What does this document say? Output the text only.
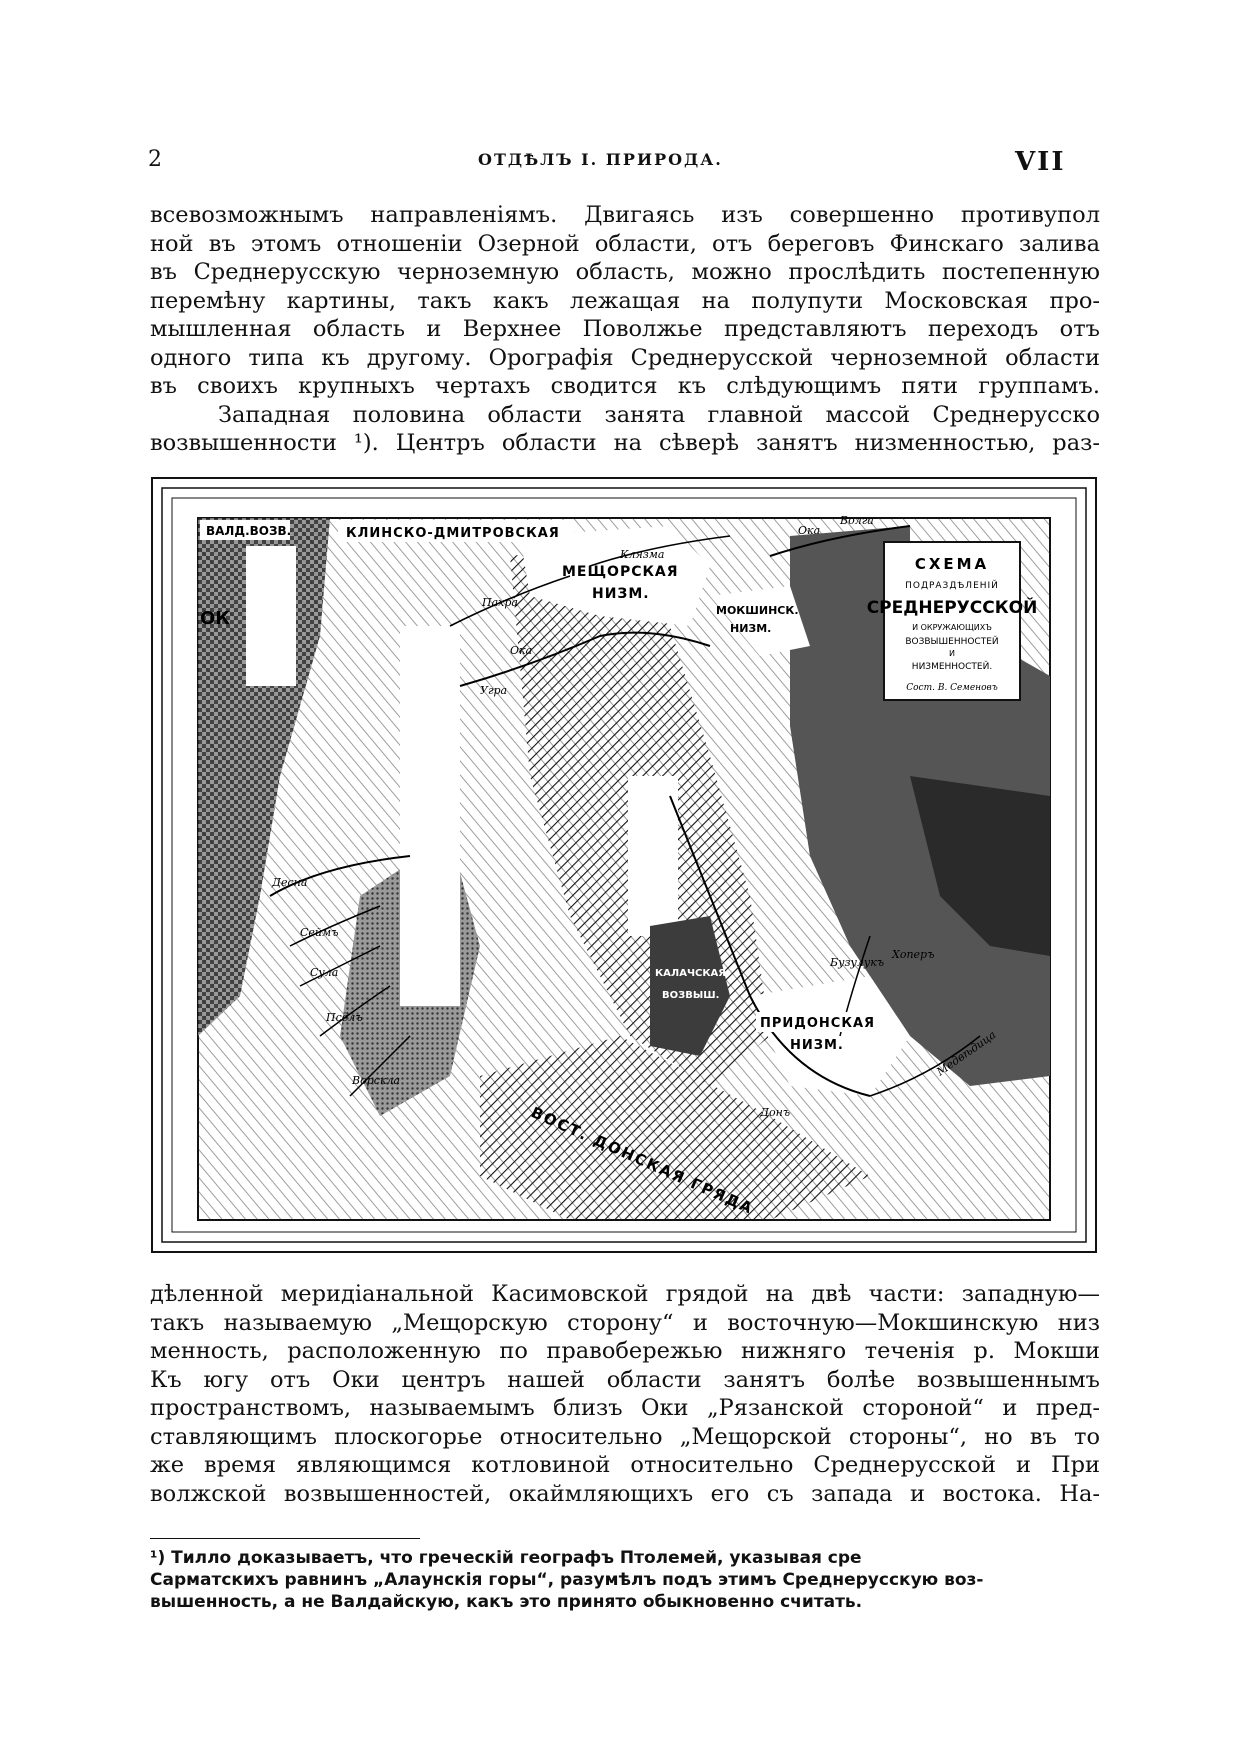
2	ОТДѢЛЪ I. ПРИРОДА.	VII
всевозможнымъ направленіямъ. Двигаясь изъ совершенно противупол
ной въ этомъ отношеніи Озерной области, отъ береговъ Финскаго залива
въ Среднерусскую черноземную область, можно прослѣдить постепенную
перемѣну картины, такъ какъ лежащая на полупути Московская про-
мышленная область и Верхнее Поволжье представляютъ переходъ отъ
одного типа къ другому. Орографія Среднерусской черноземной области
въ своихъ крупныхъ чертахъ сводится къ слѣдующимъ пяти группамъ.
Западная половина области занята главной массой Среднерусско
возвышенности ¹). Центръ области на сѣверѣ занятъ низменностью, раз-
СХЕМА
ПОДРАЗДѢЛЕНІЙ
СРЕДНЕРУССКОЙ
И ОКРУЖАЮЩИХЪ
ВОЗВЫШЕННОСТЕЙ
И
НИЗМЕННОСТЕЙ.
Сост. В. Семеновъ
ВАЛД.ВОЗВ.	КЛИНСКО-ДМИТРОВСКАЯ
МЕЩОРСКАЯ
НИЗМ.
МОКШИНСК.
НИЗМ.
ПРИДОНСКАЯ
НИЗМ.
КАЛАЧСКАЯ
ВОЗВЫШ.
ОК
ВОСТ. ДОНСКАЯ ГРЯДА
Волга
Ока
Клязма
Пахра
Ока
Угра
Донъ
Десна
Сеймъ
Сула
Псёлъ
Ворскла
Медвѣдица
Бузулукъ
Хоперъ
дѣленной меридіанальной Касимовской грядой на двѣ части: западную—
такъ называемую „Мещорскую сторону“ и восточную—Мокшинскую низ
менность, расположенную по правобережью нижняго теченія р. Мокши
Къ югу отъ Оки центръ нашей области занятъ болѣе возвышеннымъ
пространствомъ, называемымъ близъ Оки „Рязанской стороной“ и пред-
ставляющимъ плоскогорье относительно „Мещорской стороны“, но въ то
же время являющимся котловиной относительно Среднерусской и При
волжской возвышенностей, окаймляющихъ его съ запада и востока. На-
¹) Тилло доказываетъ, что греческій географъ Птолемей, указывая сре
Сарматскихъ равнинъ „Алаунскія горы“, разумѣлъ подъ этимъ Среднерусскую воз-
вышенность, а не Валдайскую, какъ это принято обыкновенно считать.
